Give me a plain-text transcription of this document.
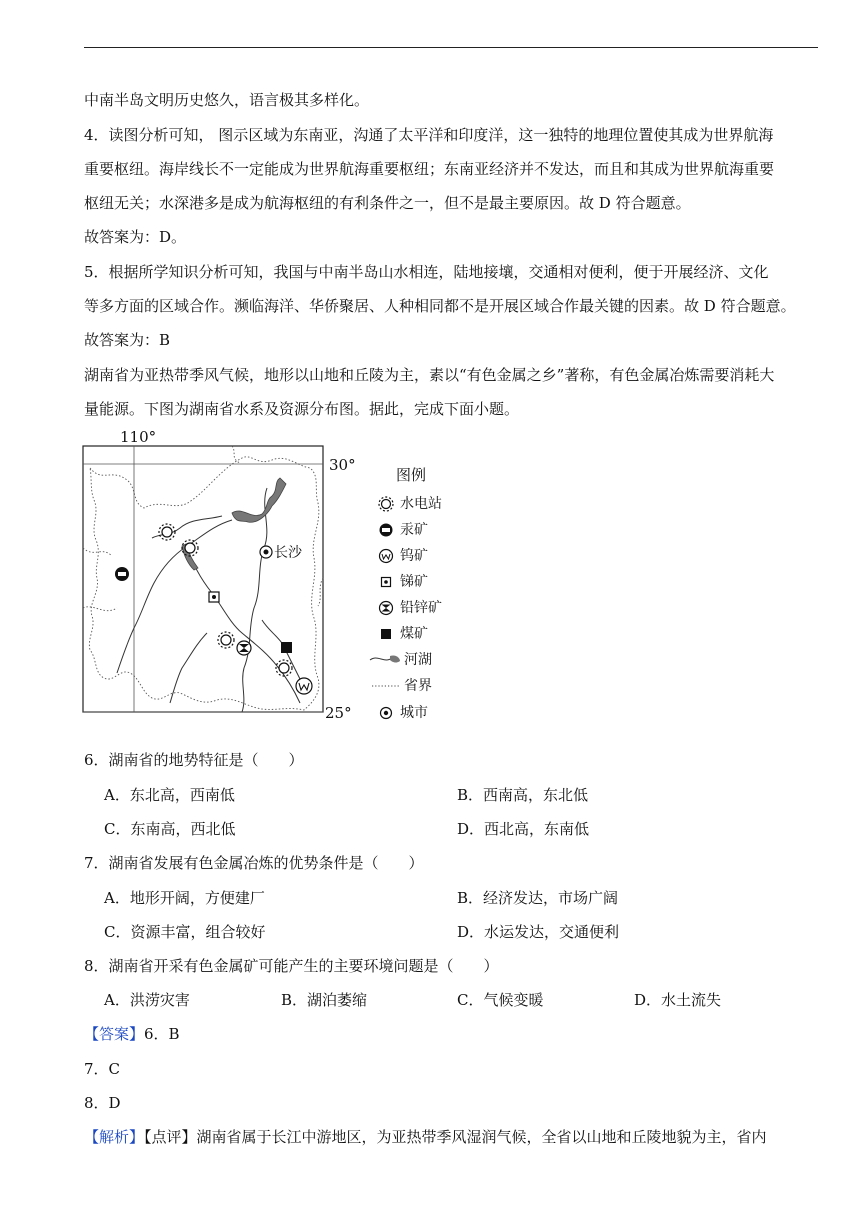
中南半岛文明历史悠久，语言极其多样化。
4．读图分析可知， 图示区域为东南亚，沟通了太平洋和印度洋，这一独特的地理位置使其成为世界航海
重要枢纽。海岸线长不一定能成为世界航海重要枢纽；东南亚经济并不发达，而且和其成为世界航海重要
枢纽无关；水深港多是成为航海枢纽的有利条件之一，但不是最主要原因。故 D 符合题意。
故答案为：D。
5．根据所学知识分析可知，我国与中南半岛山水相连，陆地接壤，交通相对便利，便于开展经济、文化
等多方面的区域合作。濒临海洋、华侨聚居、人种相同都不是开展区域合作最关键的因素。故 D 符合题意。
故答案为：B
湖南省为亚热带季风气候，地形以山地和丘陵为主，素以“有色金属之乡”著称，有色金属冶炼需要消耗大
量能源。下图为湖南省水系及资源分布图。据此，完成下面小题。
110°
30°
25°
长沙
图例
水电站
汞矿
钨矿
锑矿
铅锌矿
煤矿
河湖
省界
城市
6．湖南省的地势特征是（　　）
A．东北高，西南低	B．西南高，东北低
C．东南高，西北低	D．西北高，东南低
7．湖南省发展有色金属冶炼的优势条件是（　　）
A．地形开阔，方便建厂	B．经济发达，市场广阔
C．资源丰富，组合较好	D．水运发达，交通便利
8．湖南省开采有色金属矿可能产生的主要环境问题是（　　）
A．洪涝灾害	B．湖泊萎缩	C．气候变暖	D．水土流失
【答案】6．B
7．C
8．D
【解析】【点评】湖南省属于长江中游地区，为亚热带季风湿润气候，全省以山地和丘陵地貌为主，省内
